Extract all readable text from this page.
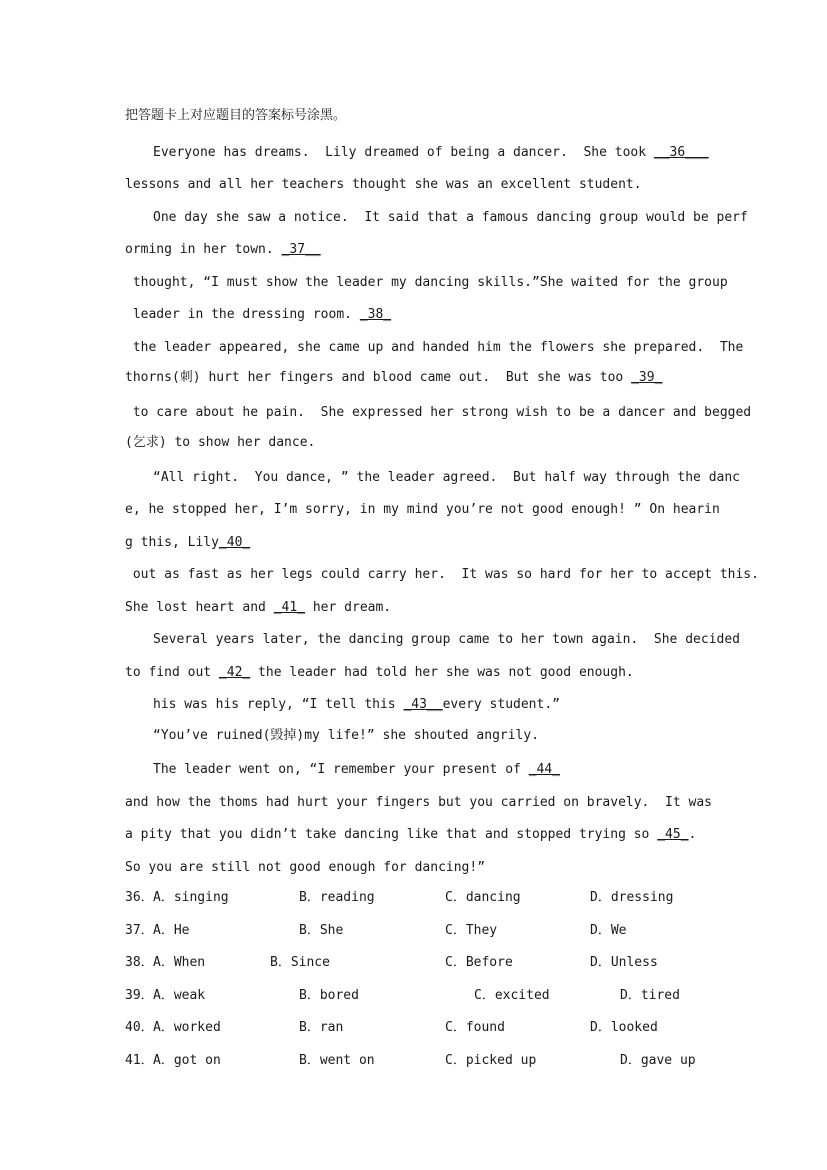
把答题卡上对应题目的答案标号涂黑。
Everyone has dreams.  Lily dreamed of being a dancer.  She took __36___
lessons and all her teachers thought she was an excellent student.
One day she saw a notice.  It said that a famous dancing group would be perf
orming in her town. _37__
thought, “I must show the leader my dancing skills.”She waited for the group
leader in the dressing room. _38_
the leader appeared, she came up and handed him the flowers she prepared.  The
thorns(刺) hurt her fingers and blood came out.  But she was too _39_
to care about he pain.  She expressed her strong wish to be a dancer and begged
(乞求) to show her dance.
“All right.  You dance, ” the leader agreed.  But half way through the danc
e, he stopped her, I’m sorry, in my mind you’re not good enough! ” On hearin
g this, Lily_40_
out as fast as her legs could carry her.  It was so hard for her to accept this.
She lost heart and _41_ her dream.
Several years later, the dancing group came to her town again.  She decided
to find out _42_ the leader had told her she was not good enough.
his was his reply, “I tell this _43__every student.”
“You’ve ruined(毁掉)my life!” she shouted angrily.
The leader went on, “I remember your present of _44_
and how the thoms had hurt your fingers but you carried on bravely.  It was
a pity that you didn’t take dancing like that and stopped trying so _45_.
So you are still not good enough for dancing!”
36． A．singing	B．reading	C．dancing	D．dressing
37． A．He	B．She	C．They	D．We
38． A．When	B．Since	C．Before	D．Unless
39． A．weak	B．bored	C．excited	D．tired
40． A．worked	B．ran	C．found	D．looked
41． A．got on	B．went on	C．picked up	D．gave up
